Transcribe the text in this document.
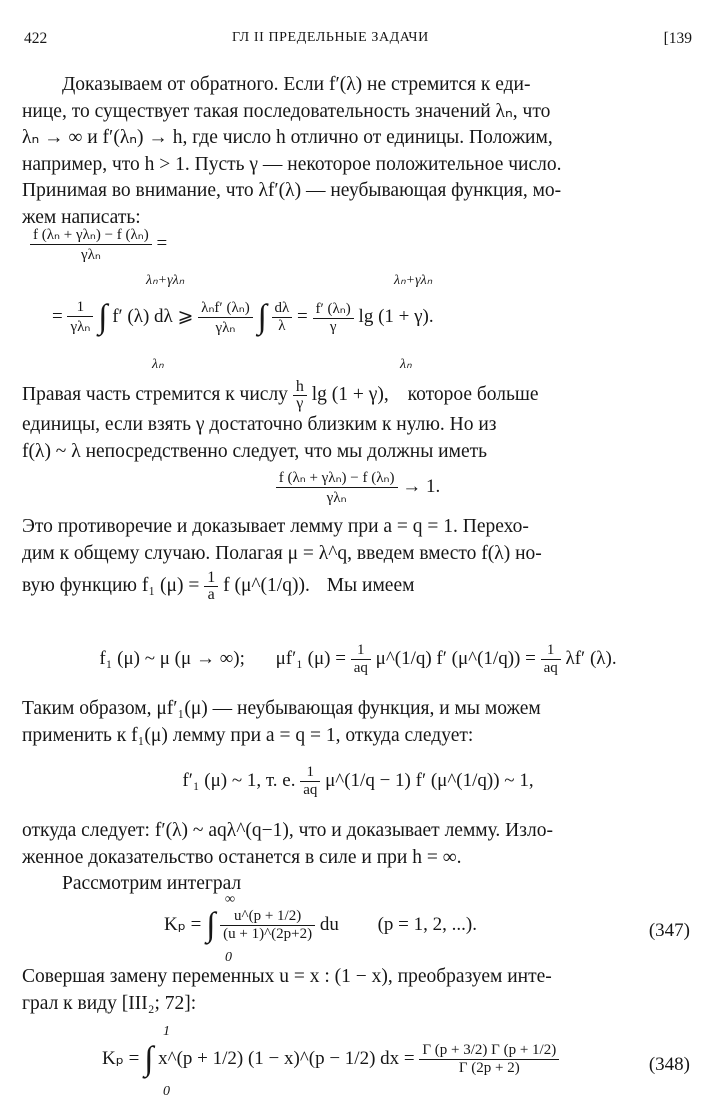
422	ГЛ II ПРЕДЕЛЬНЫЕ ЗАДАЧИ	[139
Доказываем от обратного. Если f′(λ) не стремится к еди-
нице, то существует такая последовательность значений λₙ, что
λₙ → ∞ и f′(λₙ) → h, где число h отлично от единицы. Положим,
например, что h > 1. Пусть γ — некоторое положительное число.
Принимая во внимание, что λf′(λ) — неубывающая функция, мо-
жем написать:
$\frac{\text{f (λₙ + γλₙ) − f (λₙ)}}{\text{γλₙ}}$ =
= $\frac{1}{\text{γλₙ}}$ ∫ f′ (λ) dλ ⩾ $\frac{\text{λₙf′ (λₙ)}}{\text{γλₙ}}$ ∫ $\frac{d\lambda}{\lambda} = \frac{\text{f′ (λₙ)}}{\gamma}$ lg (1 + γ).
λₙ+γλₙ
λₙ
λₙ+γλₙ
λₙ
Правая часть стремится к числу $\frac{h}{\gamma}$ lg (1 + γ), которое больше
единицы, если взять γ достаточно близким к нулю. Но из
f(λ) ~ λ непосредственно следует, что мы должны иметь
$\frac{\text{f (λₙ + γλₙ) − f (λₙ)}}{\text{γλₙ}} \to 1$.
Это противоречие и доказывает лемму при a = q = 1. Перехо-
дим к общему случаю. Полагая μ = λ^q, введем вместо f(λ) но-
вую функцию f₁ $(\mu) = \frac{1}{a}$ f (μ^(1/q)). Мы имеем
f₁ (μ) ~ μ (μ → ∞); μf′₁ $(\mu) = \frac{1}{aq}$ μ^(1/q) f′ (μ^(1/q)) = $\frac{1}{aq} \lambda f'$ (λ).
Таким образом, μf′₁(μ) — неубывающая функция, и мы можем
применить к f₁(μ) лемму при a = q = 1, откуда следует:
f′₁ (μ) ~ 1, т. е. $\frac{1}{aq}$ μ^(1/q − 1) f′ (μ^(1/q)) ~ 1,
откуда следует: f′(λ) ~ aqλ^(q−1), что и доказывает лемму. Изло-
женное доказательство останется в силе и при h = ∞.
Рассмотрим интеграл
Kₚ = ∫ $\frac{u\^{}(p + 1/2)}{(u + 1)\^{}(2p+2)}$ du (p = 1, 2, ...).
∞
0
(347)
Совершая замену переменных u = x : (1 − x), преобразуем инте-
грал к виду [III₂; 72]:
Kₚ = ∫ x^(p + 1/2) (1 − x)^(p − 1/2) dx = $\frac{\Gamma (p + 3/2) \Gamma (p + 1/2)}{\Gamma (2p + 2)}$
1
0
(348)
